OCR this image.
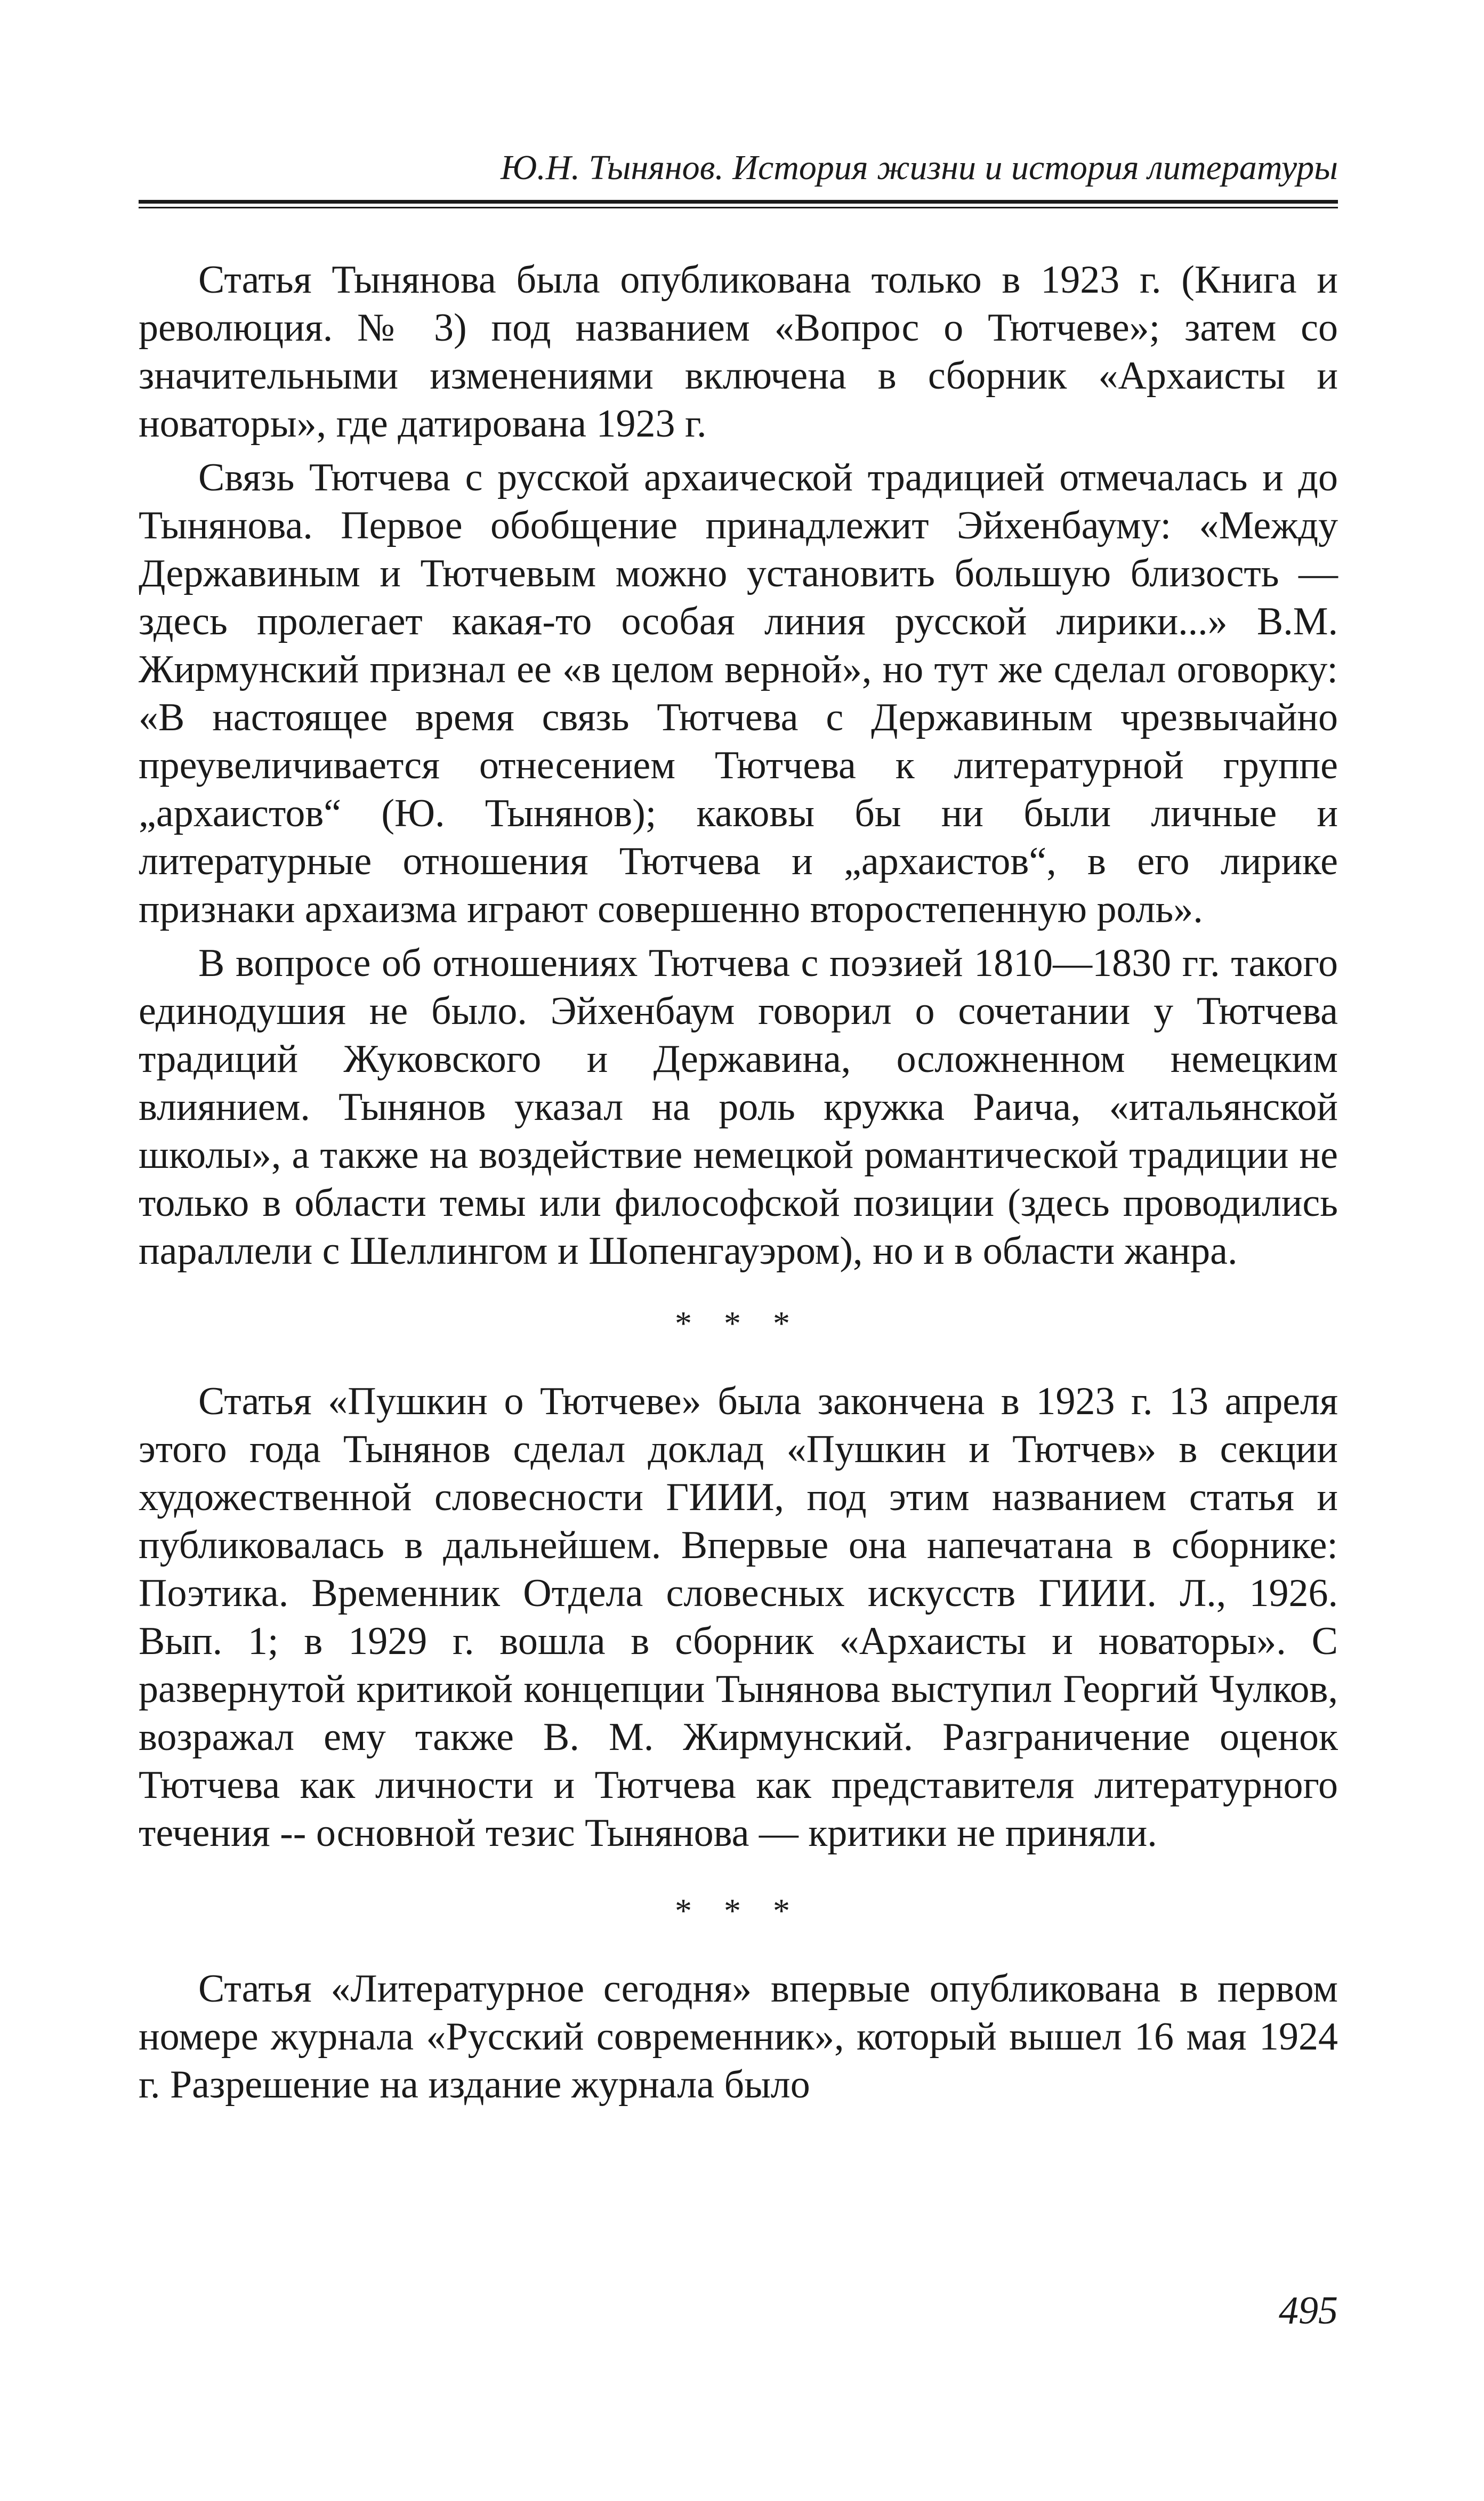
Ю.Н. Тынянов. История жизни и история литературы

Статья Тынянова была опубликована только в 1923 г. (Книга и революция. № 3) под названием «Вопрос о Тютчеве»; затем со значительными изменениями включена в сборник «Архаисты и новаторы», где датирована 1923 г.

Связь Тютчева с русской архаической традицией отмечалась и до Тынянова. Первое обобщение принадлежит Эйхенбауму: «Между Державиным и Тютчевым можно установить большую близость — здесь пролегает какая-то особая линия русской лирики...» В.М. Жирмунский признал ее «в целом верной», но тут же сделал оговорку: «В настоящее время связь Тютчева с Державиным чрезвычайно преувеличивается отнесением Тютчева к литературной группе „архаистов“ (Ю. Тынянов); каковы бы ни были личные и литературные отношения Тютчева и „архаистов“, в его лирике признаки архаизма играют совершенно второстепенную роль».

В вопросе об отношениях Тютчева с поэзией 1810—1830 гг. такого единодушия не было. Эйхенбаум говорил о сочетании у Тютчева традиций Жуковского и Державина, осложненном немецким влиянием. Тынянов указал на роль кружка Раича, «итальянской школы», а также на воздействие немецкой романтической традиции не только в области темы или философской позиции (здесь проводились параллели с Шеллингом и Шопенгауэром), но и в области жанра.

* * *

Статья «Пушкин о Тютчеве» была закончена в 1923 г. 13 апреля этого года Тынянов сделал доклад «Пушкин и Тютчев» в секции художественной словесности ГИИИ, под этим названием статья и публиковалась в дальнейшем. Впервые она напечатана в сборнике: Поэтика. Временник Отдела словесных искусств ГИИИ. Л., 1926. Вып. 1; в 1929 г. вошла в сборник «Архаисты и новаторы». С развернутой критикой концепции Тынянова выступил Георгий Чулков, возражал ему также В. М. Жирмунский. Разграничение оценок Тютчева как личности и Тютчева как представителя литературного течения -- основной тезис Тынянова — критики не приняли.

* * *

Статья «Литературное сегодня» впервые опубликована в первом номере журнала «Русский современник», который вышел 16 мая 1924 г. Разрешение на издание журнала было

495
